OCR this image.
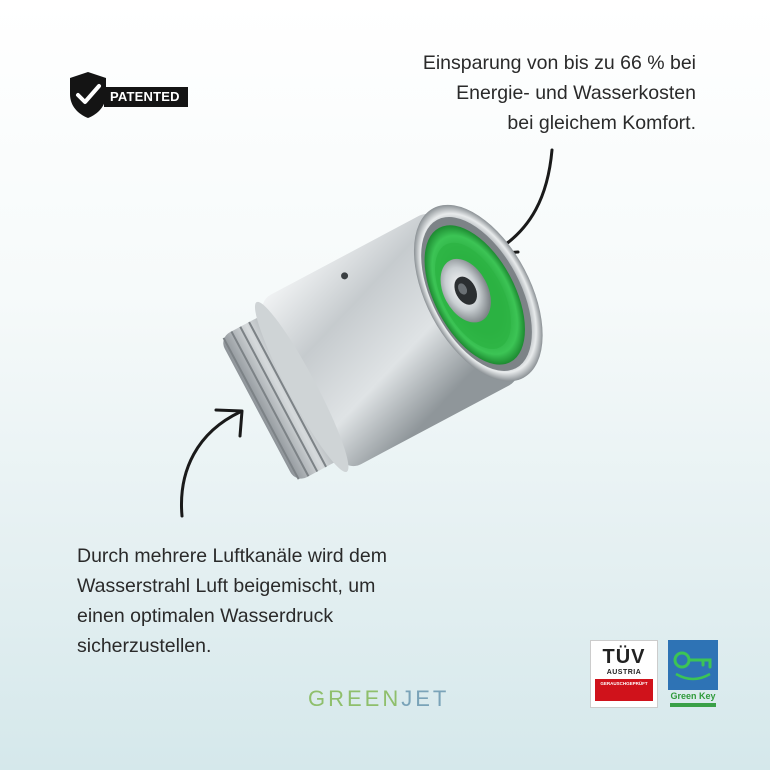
PATENTED
Einsparung von bis zu 66 % bei
Energie- und Wasserkosten
bei gleichem Komfort.
Durch mehrere Luftkanäle wird dem
Wasserstrahl Luft beigemischt, um
einen optimalen Wasserdruck
sicherzustellen.
GREENJET
TÜV
AUSTRIA
GERAUSCHGEPRÜFT
Green Key
